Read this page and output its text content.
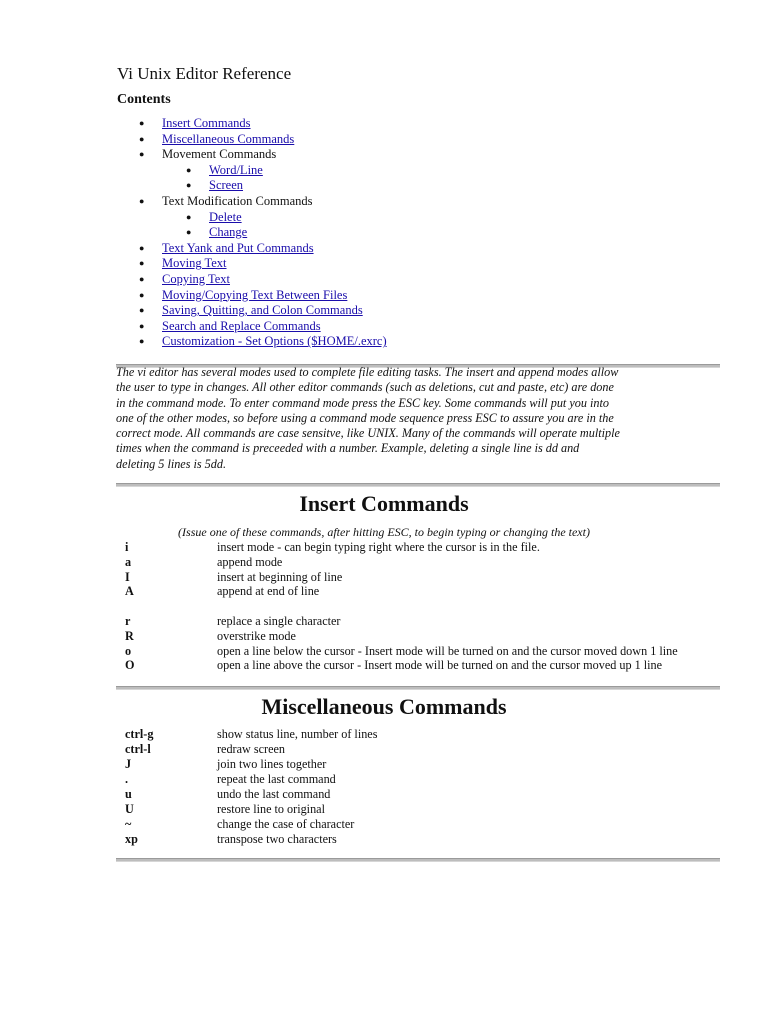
Vi Unix Editor Reference
Contents
● Insert Commands
● Miscellaneous Commands
● Movement Commands
● Word/Line
● Screen
● Text Modification Commands
● Delete
● Change
● Text Yank and Put Commands
● Moving Text
● Copying Text
● Moving/Copying Text Between Files
● Saving, Quitting, and Colon Commands
● Search and Replace Commands
● Customization - Set Options ($HOME/.exrc)
The vi editor has several modes used to complete file editing tasks. The insert and append modes allow
the user to type in changes. All other editor commands (such as deletions, cut and paste, etc) are done
in the command mode. To enter command mode press the ESC key. Some commands will put you into
one of the other modes, so before using a command mode sequence press ESC to assure you are in the
correct mode. All commands are case sensitve, like UNIX. Many of the commands will operate multiple
times when the command is preceeded with a number. Example, deleting a single line is dd and
deleting 5 lines is 5dd.
Insert Commands
(Issue one of these commands, after hitting ESC, to begin typing or changing the text)
i	insert mode - can begin typing right where the cursor is in the file.
a	append mode
I	insert at beginning of line
A	append at end of line
r	replace a single character
R	overstrike mode
o	open a line below the cursor - Insert mode will be turned on and the cursor moved down 1 line
O	open a line above the cursor - Insert mode will be turned on and the cursor moved up 1 line
Miscellaneous Commands
ctrl-g	show status line, number of lines
ctrl-l	redraw screen
J	join two lines together
.	repeat the last command
u	undo the last command
U	restore line to original
~	change the case of character
xp	transpose two characters
